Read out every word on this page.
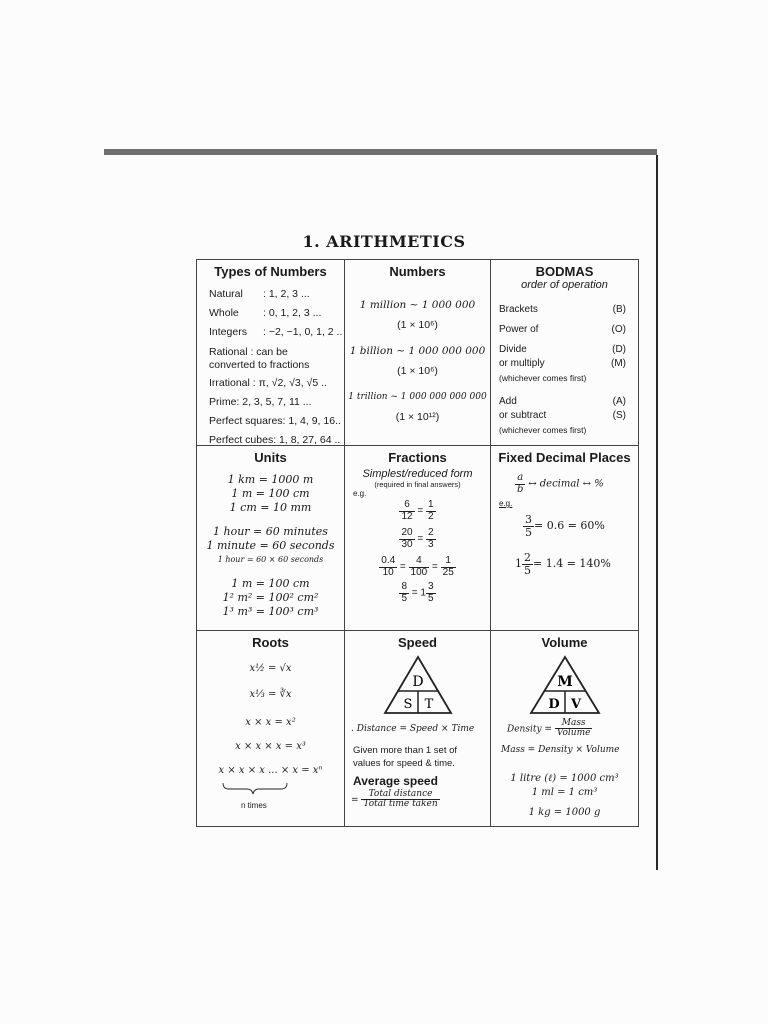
1. ARITHMETICS
Types of Numbers
Natural : 1, 2, 3 ...
Whole : 0, 1, 2, 3 ...
Integers : −2, −1, 0, 1, 2 ..
Rational : can be
converted to fractions
Irrational : π, √2, √3, √5 ..
Prime: 2, 3, 5, 7, 11 ...
Perfect squares: 1, 4, 9, 16..
Perfect cubes: 1, 8, 27, 64 ..
Numbers
1 million ~ 1 000 000
(1 × 10⁶)
1 billion ~ 1 000 000 000
(1 × 10⁶)
1 trillion ~ 1 000 000 000 000
(1 × 10¹²)
BODMAS
order of operation
Brackets	(B)
Power of	(O)
Divide	(D)
or multiply	(M)
(whichever comes first)
Add	(A)
or subtract	(S)
(whichever comes first)
Units
1 km = 1000 m
1 m = 100 cm
1 cm = 10 mm
1 hour = 60 minutes
1 minute = 60 seconds
1 hour = 60 × 60 seconds
1 m = 100 cm
1² m² = 100² cm²
1³ m³ = 100³ cm³
Fractions
Simplest/reduced form
(required in final answers)
e.g.
$\frac{6}{12} = \frac{1}{2}$
$\frac{20}{30} = \frac{2}{3}$
$\frac{0.4}{10} = \frac{4}{100} = \frac{1}{25}$
$\frac{8}{5} = 1 \frac{3}{5}$
Fixed Decimal Places
$\frac{a}{b}$ ↔ decimal ↔ %
e.g.
$\frac{3}{5} = 0.6 = 60\%$
$1 \frac{2}{5} = 1.4 = 140\%$
Roots
x½ = √x
x⅓ = ∛x
x × x = x²
x × x × x = x³
x × x × x ... × x = xⁿ
n times
Speed
D
S T
. Distance = Speed × Time
Given more than 1 set of
values for speed & time.
Average speed
= $\frac{\text{Total distance}}{\text{Total time taken}}$
Volume
M
D V
Density = $\frac{\text{Mass}}{\text{Volume}}$
Mass = Density × Volume
1 litre (ℓ) = 1000 cm³
1 ml = 1 cm³
1 kg = 1000 g
